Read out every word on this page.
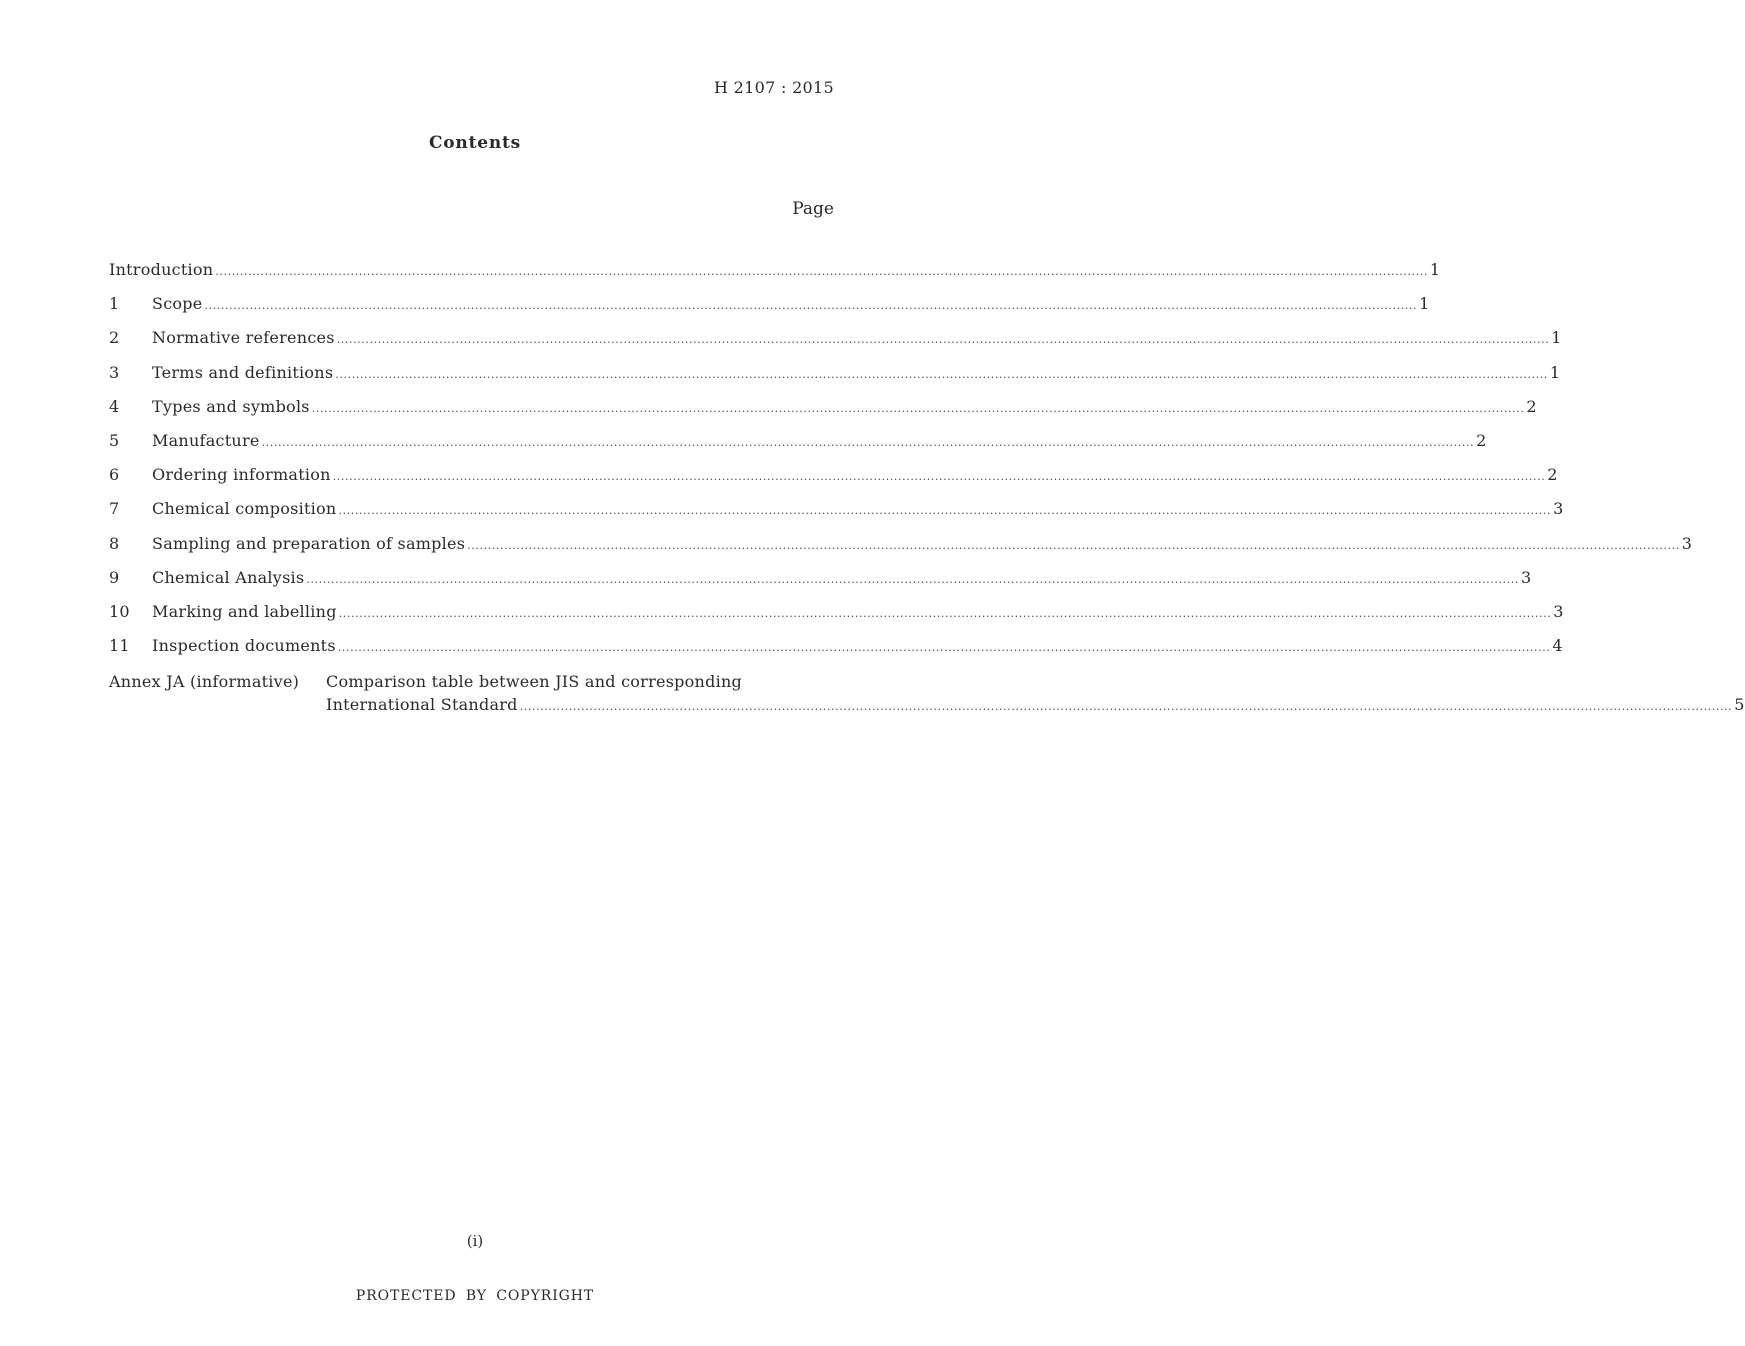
H 2107 : 2015
Contents
Page
Introduction .....	1
1	Scope .....	1
2	Normative references .....	1
3	Terms and definitions .....	1
4	Types and symbols .....	2
5	Manufacture .....	2
6	Ordering information .....	2
7	Chemical composition .....	3
8	Sampling and preparation of samples .....	3
9	Chemical Analysis .....	3
10	Marking and labelling .....	3
11	Inspection documents .....	4
Annex JA (informative)	Comparison table between JIS and corresponding
International Standard .....	5
(i)
PROTECTED BY COPYRIGHT
